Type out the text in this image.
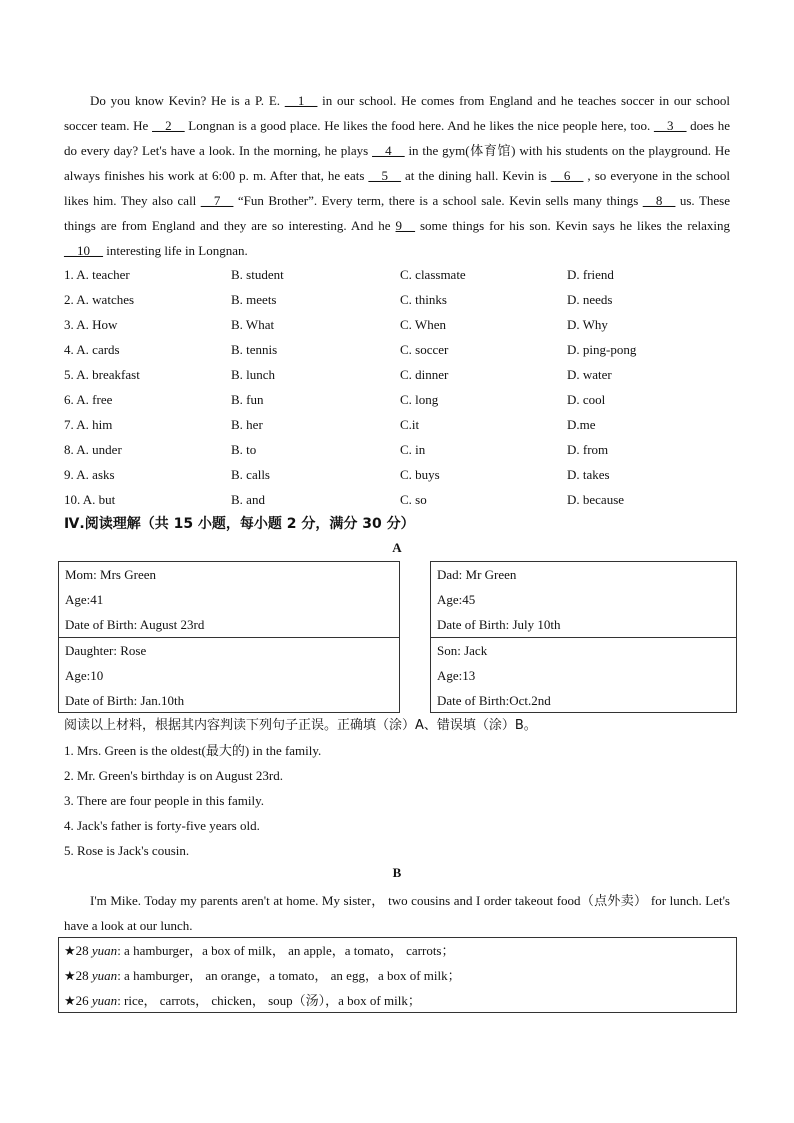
Do you know Kevin? He is a P. E. __1__ in our school. He comes from England and he teaches soccer in our school soccer team. He __2__ Longnan is a good place. He likes the food here. And he likes the nice people here, too. __3__ does he do every day? Let's have a look. In the morning, he plays __4__ in the gym(体育馆) with his students on the playground. He always finishes his work at 6:00 p. m. After that, he eats __5__ at the dining hall. Kevin is __6__ , so everyone in the school likes him. They also call __7__ “Fun Brother”. Every term, there is a school sale. Kevin sells many things __8__ us. These things are from England and they are so interesting. And he 9__ some things for his son. Kevin says he likes the relaxing __10__ interesting life in Longnan.
1. A. teacher	B. student	C. classmate	D. friend
2. A. watches	B. meets	C. thinks	D. needs
3. A. How	B. What	C. When	D. Why
4. A. cards	B. tennis	C. soccer	D. ping-pong
5. A. breakfast	B. lunch	C. dinner	D. water
6. A. free	B. fun	C. long	D. cool
7. A. him	B. her	C.it	D.me
8. A. under	B. to	C. in	D. from
9. A. asks	B. calls	C. buys	D. takes
10. A. but	B. and	C. so	D. because
Ⅳ.阅读理解（共 15 小题，每小题 2 分，满分 30 分）
A
Mom: Mrs Green
Age:41
Date of Birth: August 23rd
Daughter: Rose
Age:10
Date of Birth: Jan.10th
Dad: Mr Green
Age:45
Date of Birth: July 10th
Son: Jack
Age:13
Date of Birth:Oct.2nd
阅读以上材料，根据其内容判读下列句子正误。正确填（涂）A、错误填（涂）B。
1. Mrs. Green is the oldest(最大的) in the family.
2. Mr. Green's birthday is on August 23rd.
3. There are four people in this family.
4. Jack's father is forty-five years old.
5. Rose is Jack's cousin.
B
I'm Mike. Today my parents aren't at home. My sister， two cousins and I order takeout food（点外卖） for lunch. Let's have a look at our lunch.
★28 yuan: a hamburger，a box of milk， an apple，a tomato， carrots；
★28 yuan: a hamburger， an orange，a tomato， an egg，a box of milk；
★26 yuan: rice， carrots， chicken， soup（汤），a box of milk；
